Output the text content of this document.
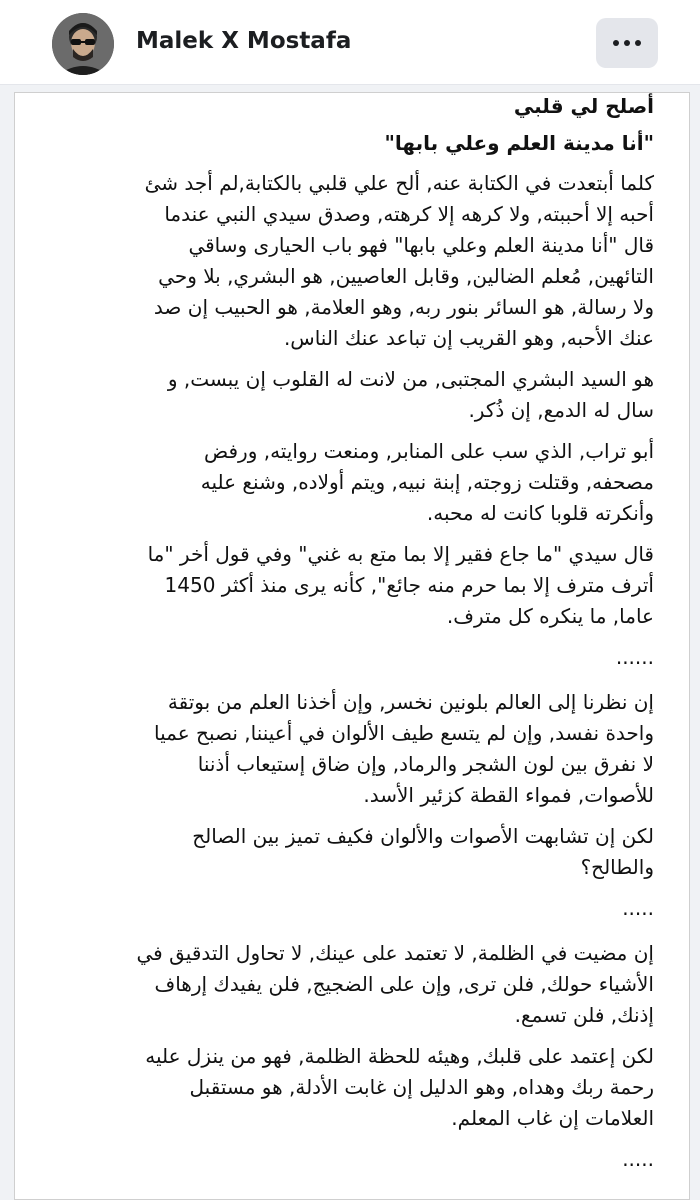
Malek X Mostafa

أصلح لي قلبي

"أنا مدينة العلم وعلي بابها"

كلما أبتعدت في الكتابة عنه, ألح علي قلبي بالكتابة,لم أجد شئ

أحبه إلا أحببته, ولا كرهه إلا كرهته, وصدق سيدي النبي عندما

قال "أنا مدينة العلم وعلي بابها" فهو باب الحيارى وساقي

التائهين, مُعلم الضالين, وقابل العاصيين, هو البشري, بلا وحي

ولا رسالة, هو السائر بنور ربه, وهو العلامة, هو الحبيب إن صد

عنك الأحبه, وهو القريب إن تباعد عنك الناس.

هو السيد البشري المجتبى, من لانت له القلوب إن يبست, و

سال له الدمع, إن ذُكر.

أبو تراب, الذي سب على المنابر, ومنعت روايته, ورفض

مصحفه, وقتلت زوجته, إبنة نبيه, ويتم أولاده, وشنع عليه

وأنكرته قلوبا كانت له محبه.

قال سيدي "ما جاع فقير إلا بما متع به غني" وفي قول أخر "ما

أترف مترف إلا بما حرم منه جائع", كأنه يرى منذ أكثر 1450

عاما, ما ينكره كل مترف.

......

إن نظرنا إلى العالم بلونين نخسر, وإن أخذنا العلم من بوتقة

واحدة نفسد, وإن لم يتسع طيف الألوان في أعيننا, نصبح عميا

لا نفرق بين لون الشجر والرماد, وإن ضاق إستيعاب أذننا

للأصوات, فمواء القطة كزئير الأسد.

لكن إن تشابهت الأصوات والألوان فكيف تميز بين الصالح

والطالح؟

.....

إن مضيت في الظلمة, لا تعتمد على عينك, لا تحاول التدقيق في

الأشياء حولك, فلن ترى, وإن على الضجيج, فلن يفيدك إرهاف

إذنك, فلن تسمع.

لكن إعتمد على قلبك, وهيئه للحظة الظلمة, فهو من ينزل عليه

رحمة ربك وهداه, وهو الدليل إن غابت الأدلة, هو مستقبل

العلامات إن غاب المعلم.

.....
